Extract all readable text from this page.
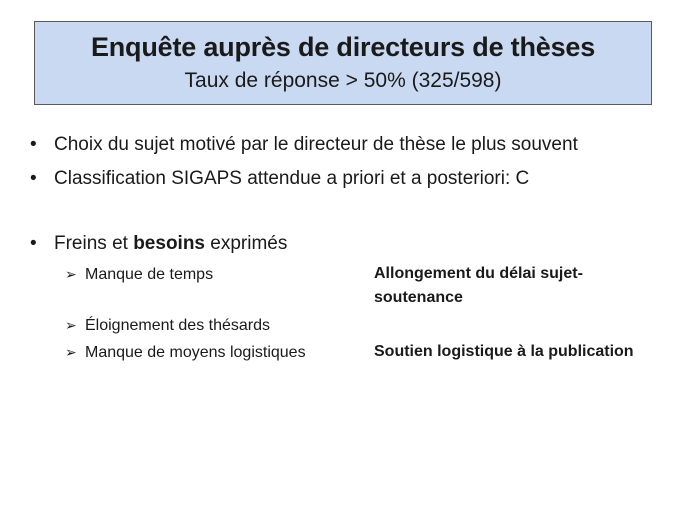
Enquête auprès de directeurs de thèses
Taux de réponse > 50% (325/598)
• Choix du sujet motivé par le directeur de thèse le plus souvent
• Classification SIGAPS attendue a priori et a posteriori: C
• Freins et besoins exprimés
➢ Manque de temps	Allongement du délai sujet-soutenance
➢ Éloignement des thésards
➢ Manque de moyens logistiques	Soutien logistique à la publication
